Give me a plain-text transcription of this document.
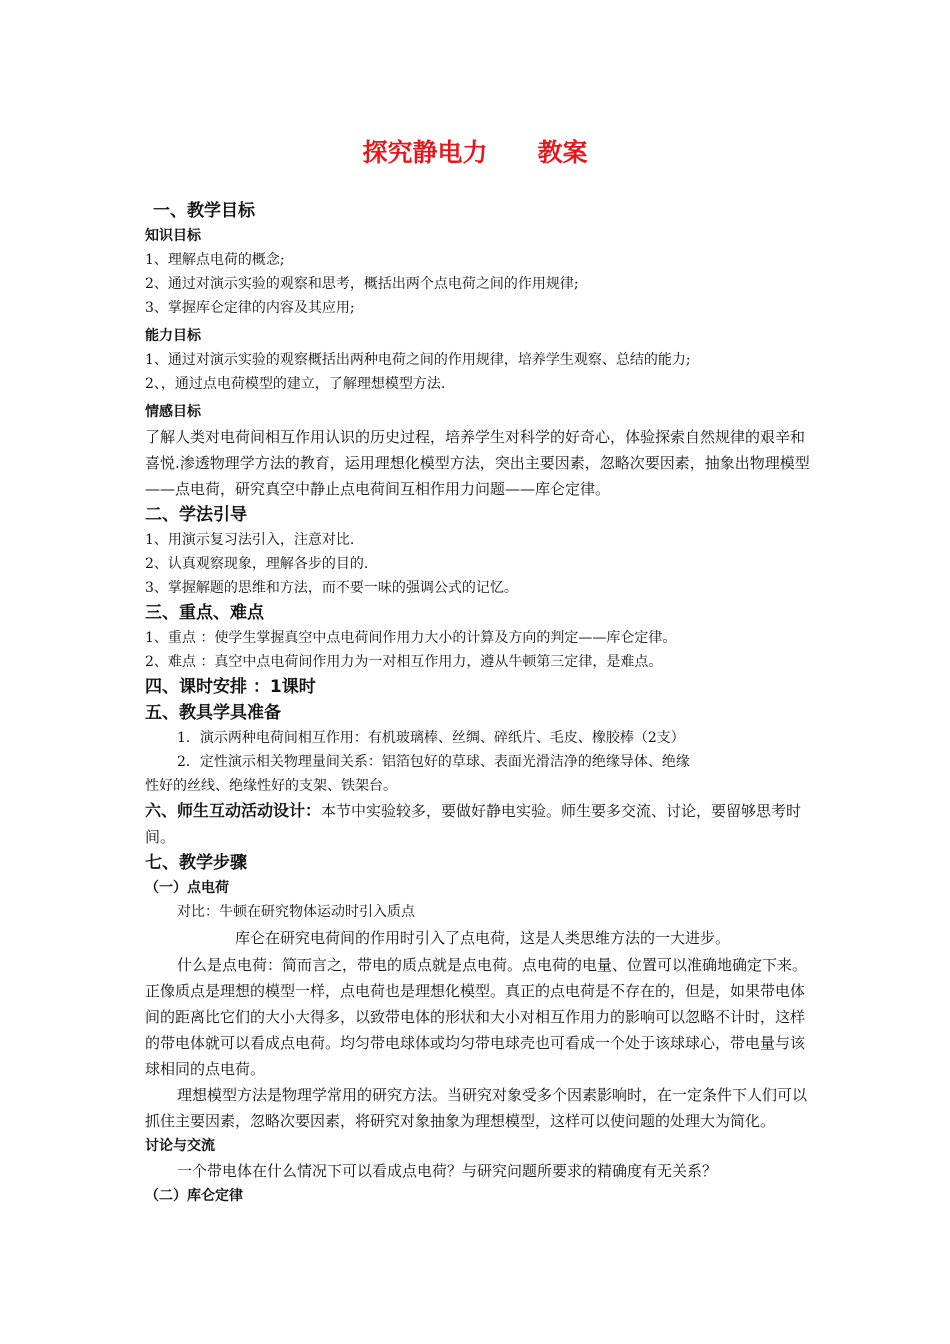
探究静电力 教案
一、教学目标
知识目标

1、理解点电荷的概念;

2、通过对演示实验的观察和思考，概括出两个点电荷之间的作用规律;

3、掌握库仑定律的内容及其应用;

能力目标

1、通过对演示实验的观察概括出两种电荷之间的作用规律，培养学生观察、总结的能力;

2、，通过点电荷模型的建立，了解理想模型方法.

情感目标

了解人类对电荷间相互作用认识的历史过程，培养学生对科学的好奇心，体验探索自然规律的艰辛和喜悦.渗透物理学方法的教育，运用理想化模型方法，突出主要因素，忽略次要因素，抽象出物理模型——点电荷，研究真空中静止点电荷间互相作用力问题——库仑定律。

二、学法引导

1、用演示复习法引入，注意对比.

2、认真观察现象，理解各步的目的.

3、掌握解题的思维和方法，而不要一味的强调公式的记忆。

三、重点、难点

1、重点 ：使学生掌握真空中点电荷间作用力大小的计算及方向的判定——库仑定律。

2、难点 ：真空中点电荷间作用力为一对相互作用力，遵从牛顿第三定律，是难点。

四、课时安排 ：1课时
五、教具学具准备

1．演示两种电荷间相互作用：有机玻璃棒、丝绸、碎纸片、毛皮、橡胶棒（2支）

2．定性演示相关物理量间关系：铝箔包好的草球、表面光滑洁净的绝缘导体、绝缘

性好的丝线、绝缘性好的支架、铁架台。

六、师生互动活动设计：本节中实验较多，要做好静电实验。师生要多交流、讨论，要留够思考时间。

七、教学步骤
（一）点电荷

对比：牛顿在研究物体运动时引入质点

库仑在研究电荷间的作用时引入了点电荷，这是人类思维方法的一大进步。

什么是点电荷：简而言之，带电的质点就是点电荷。点电荷的电量、位置可以准确地确定下来。正像质点是理想的模型一样，点电荷也是理想化模型。真正的点电荷是不存在的，但是，如果带电体间的距离比它们的大小大得多，以致带电体的形状和大小对相互作用力的影响可以忽略不计时，这样的带电体就可以看成点电荷。均匀带电球体或均匀带电球壳也可看成一个处于该球球心，带电量与该球相同的点电荷。

理想模型方法是物理学常用的研究方法。当研究对象受多个因素影响时，在一定条件下人们可以抓住主要因素，忽略次要因素，将研究对象抽象为理想模型，这样可以使问题的处理大为简化。

讨论与交流

一个带电体在什么情况下可以看成点电荷？与研究问题所要求的精确度有无关系？

（二）库仑定律
